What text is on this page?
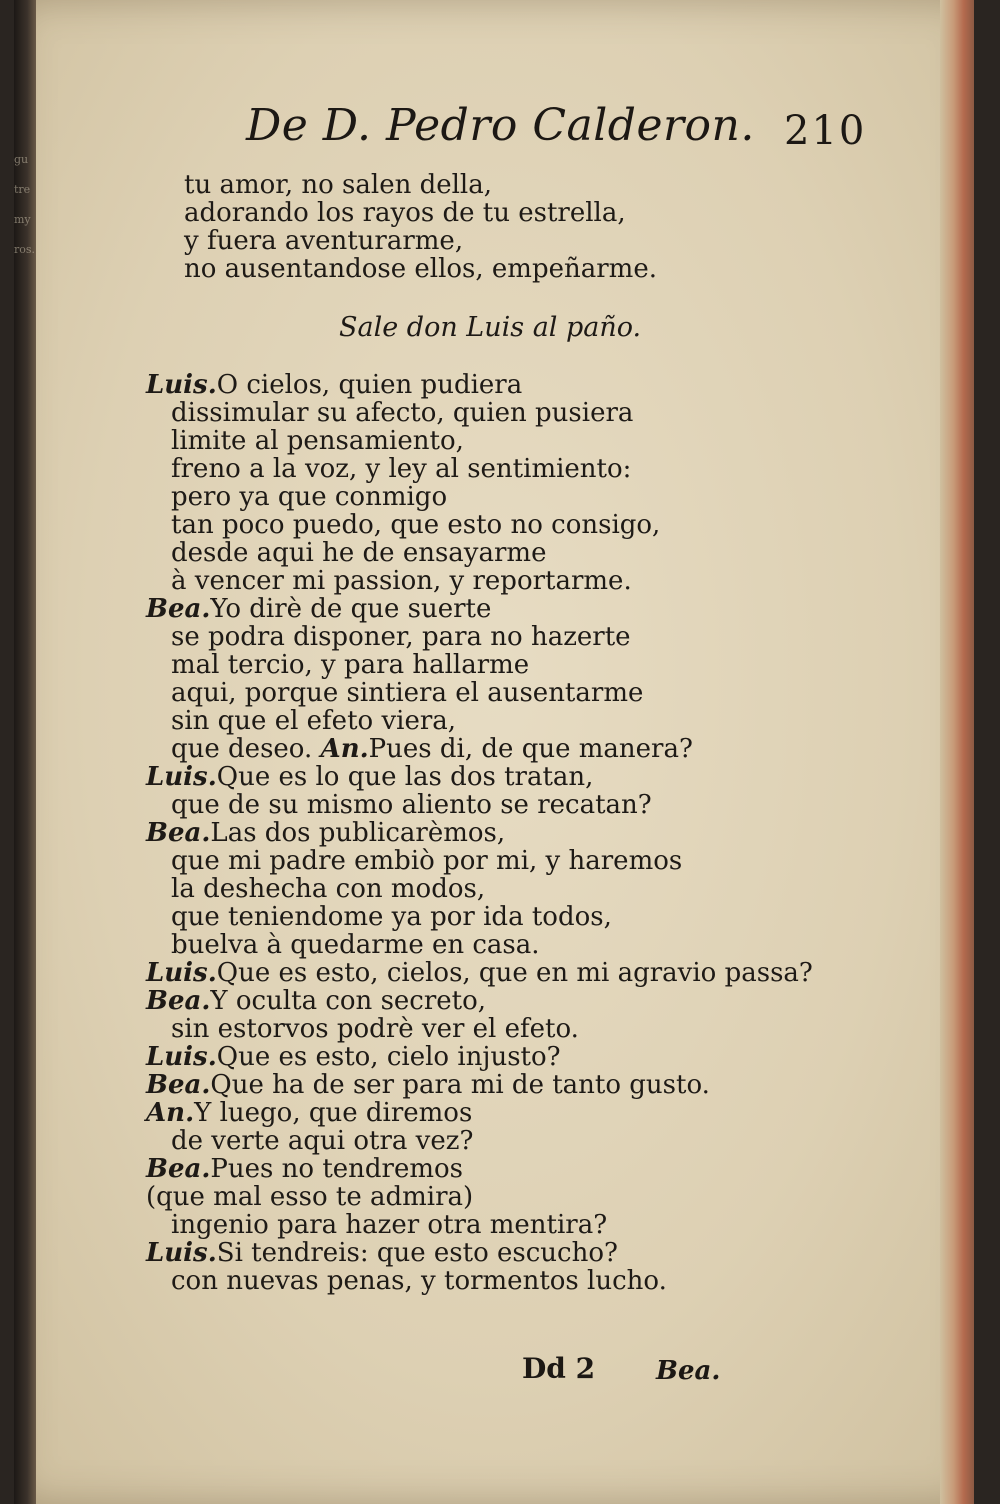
gu
tre
my
ros.
De D. Pedro Calderon. 210
Sale don Luis al paño.
tu amor, no salen della,
adorando los rayos de tu estrella,
y fuera aventurarme,
no ausentandose ellos, empeñarme.
Luis.O cielos, quien pudiera
dissimular su afecto, quien pusiera
limite al pensamiento,
freno a la voz, y ley al sentimiento:
pero ya que conmigo
tan poco puedo, que esto no consigo,
desde aqui he de ensayarme
à vencer mi passion, y reportarme.
Bea.Yo dirè de que suerte
se podra disponer, para no hazerte
mal tercio, y para hallarme
aqui, porque sintiera el ausentarme
sin que el efeto viera,
que deseo. An.Pues di, de que manera?
Luis.Que es lo que las dos tratan,
que de su mismo aliento se recatan?
Bea.Las dos publicarèmos,
que mi padre embiò por mi, y haremos
la deshecha con modos,
que teniendome ya por ida todos,
buelva à quedarme en casa.
Luis.Que es esto, cielos, que en mi agravio passa?
Bea.Y oculta con secreto,
sin estorvos podrè ver el efeto.
Luis.Que es esto, cielo injusto?
Bea.Que ha de ser para mi de tanto gusto.
An.Y luego, que diremos
de verte aqui otra vez?
Bea.Pues no tendremos
(que mal esso te admira)
ingenio para hazer otra mentira?
Luis.Si tendreis: que esto escucho?
con nuevas penas, y tormentos lucho.
Dd 2 Bea.
